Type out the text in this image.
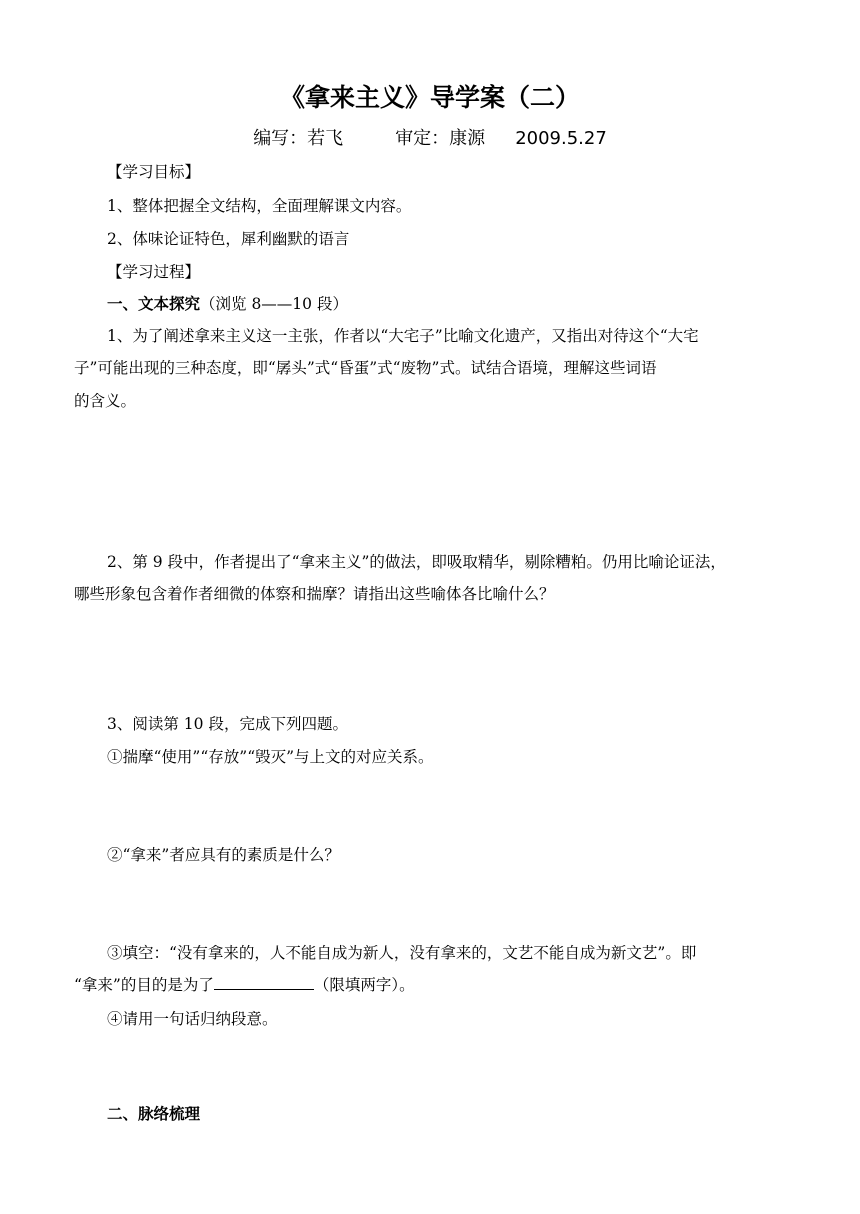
《拿来主义》导学案（二）
编写：若飞	审定：康源 2009.5.27
【学习目标】
1、整体把握全文结构，全面理解课文内容。
2、体味论证特色，犀利幽默的语言
【学习过程】
一、文本探究（浏览 8——10 段）
1、为了阐述拿来主义这一主张，作者以“大宅子”比喻文化遗产，又指出对待这个“大宅
子”可能出现的三种态度，即“孱头”式“昏蛋”式“废物”式。试结合语境，理解这些词语
的含义。
2、第 9 段中，作者提出了“拿来主义”的做法，即吸取精华，剔除糟粕。仍用比喻论证法，
哪些形象包含着作者细微的体察和揣摩？请指出这些喻体各比喻什么？
3、阅读第 10 段，完成下列四题。
①揣摩“使用”“存放”“毁灭”与上文的对应关系。
②“拿来”者应具有的素质是什么？
③填空：“没有拿来的，人不能自成为新人，没有拿来的，文艺不能自成为新文艺”。即
“拿来”的目的是为了	（限填两字）。
④请用一句话归纳段意。
二、脉络梳理
